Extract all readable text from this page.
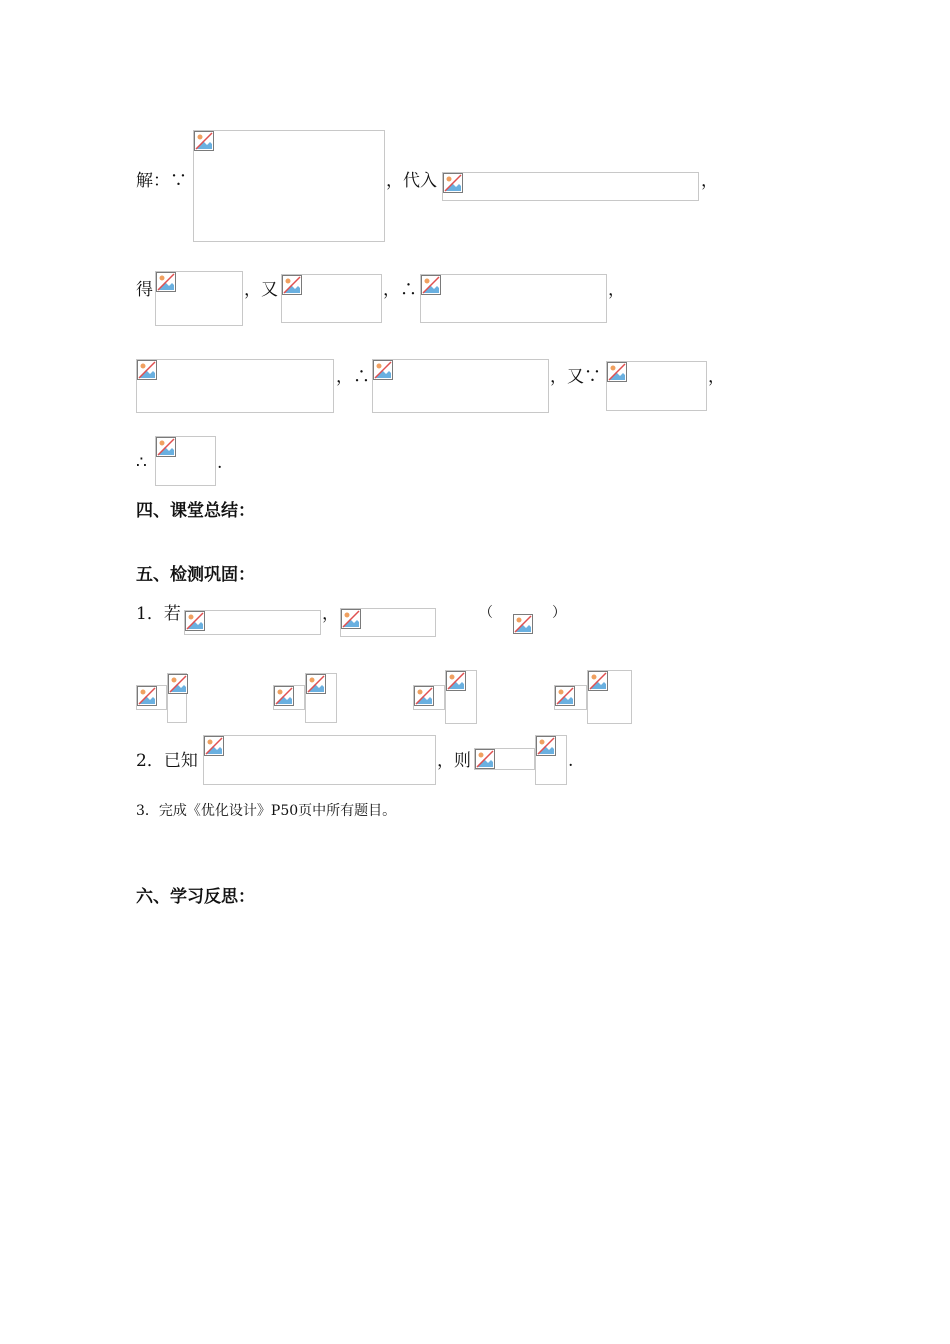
解：∵	，代入	，
得	，又	，∴	，
，∴	，又∵	，
∴	.
四、课堂总结：
五、检测巩固：
1．若	，	（	）
2．已知	，则	.
3．完成《优化设计》P50页中所有题目。
六、学习反思：
